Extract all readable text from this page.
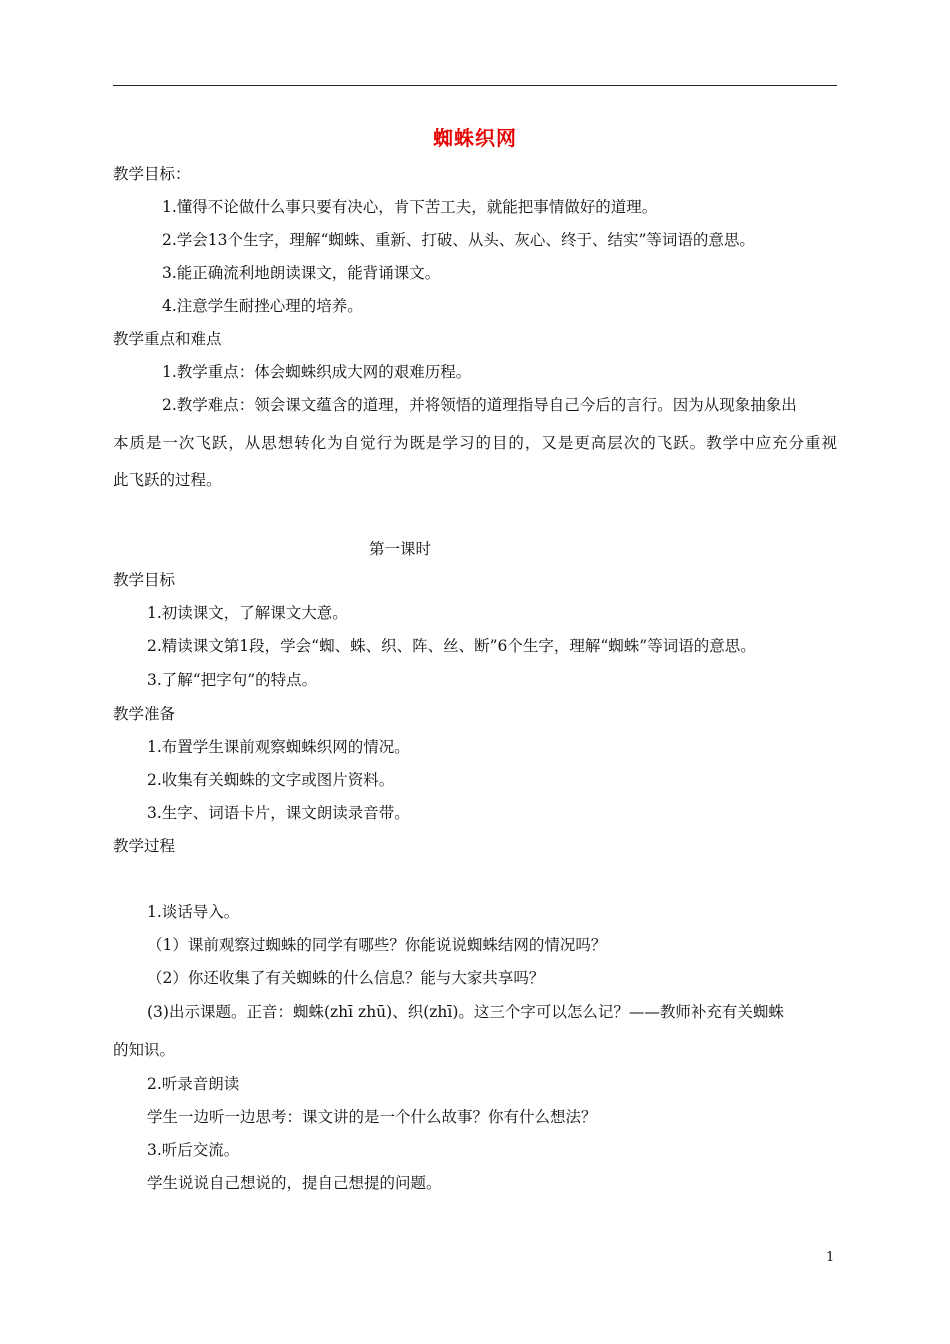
蜘蛛织网
教学目标：
1.懂得不论做什么事只要有决心，肯下苦工夫，就能把事情做好的道理。
2.学会13个生字，理解“蜘蛛、重新、打破、从头、灰心、终于、结实”等词语的意思。
3.能正确流利地朗读课文，能背诵课文。
4.注意学生耐挫心理的培养。
教学重点和难点
1.教学重点：体会蜘蛛织成大网的艰难历程。
2.教学难点：领会课文蕴含的道理，并将领悟的道理指导自己今后的言行。因为从现象抽象出
本质是一次飞跃，从思想转化为自觉行为既是学习的目的，又是更高层次的飞跃。教学中应充分重视
此飞跃的过程。
第一课时
教学目标
1.初读课文，了解课文大意。
2.精读课文第1段，学会“蜘、蛛、织、阵、丝、断”6个生字，理解“蜘蛛”等词语的意思。
3.了解“把字句”的特点。
教学准备
1.布置学生课前观察蜘蛛织网的情况。
2.收集有关蜘蛛的文字或图片资料。
3.生字、词语卡片，课文朗读录音带。
教学过程
1.谈话导入。
（1）课前观察过蜘蛛的同学有哪些？你能说说蜘蛛结网的情况吗？
（2）你还收集了有关蜘蛛的什么信息？能与大家共享吗？
(3)出示课题。正音：蜘蛛(zhī zhū)、织(zhī)。这三个字可以怎么记？——教师补充有关蜘蛛
的知识。
2.听录音朗读
学生一边听一边思考：课文讲的是一个什么故事？你有什么想法？
3.听后交流。
学生说说自己想说的，提自己想提的问题。
1
